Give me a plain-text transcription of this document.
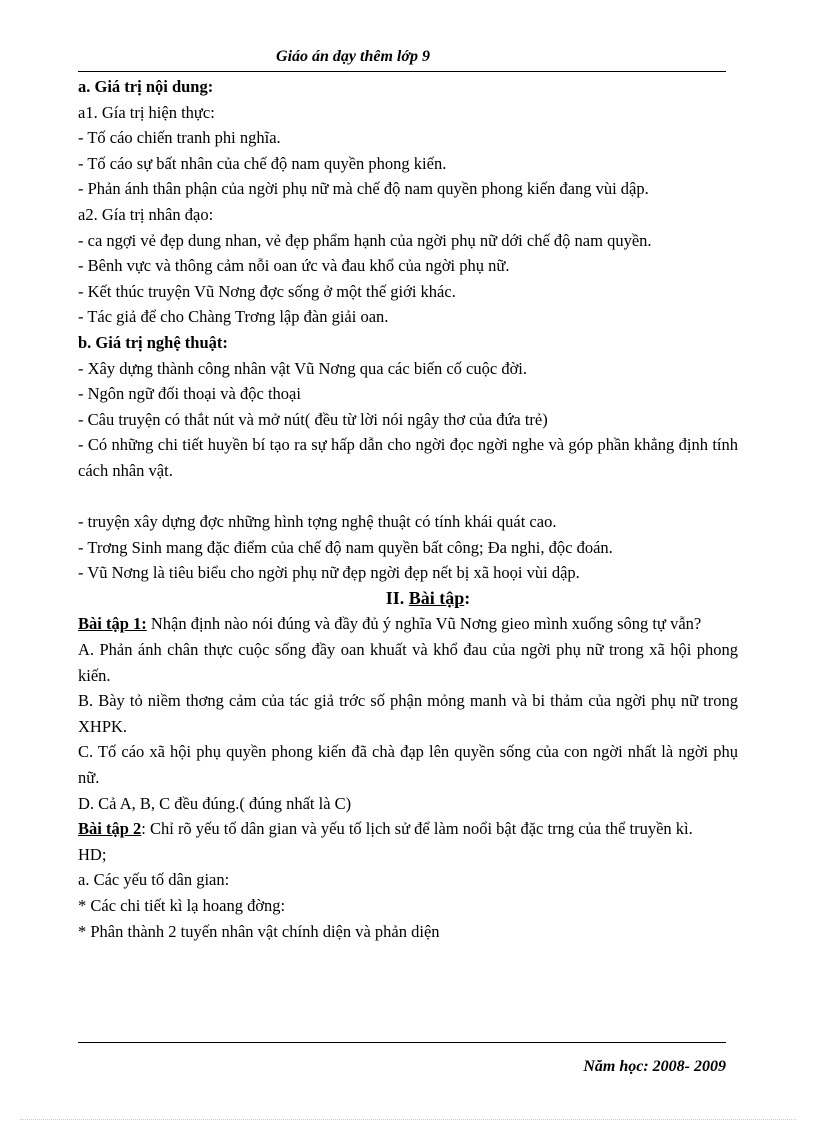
Giáo án dạy thêm lớp 9

a. Giá trị nội dung:

a1. Gía trị hiện thực:

- Tố cáo chiến tranh phi nghĩa.

- Tố cáo sự bất nhân của chế độ nam quyền phong kiến.

- Phản ánh thân phận của ngời phụ nữ mà chế độ nam quyền phong kiến đang vùi dập.

a2. Gía trị nhân đạo:

- ca ngợi vẻ đẹp dung nhan, vẻ đẹp phẩm hạnh của ngời phụ nữ dới chế độ nam quyền.

- Bênh vực và thông cảm nỗi oan ức và đau khổ của ngời phụ nữ.

- Kết thúc truyện Vũ Nơng đợc sống ở một thế giới khác.

- Tác giả để cho Chàng Trơng lập đàn giải oan.

b. Giá trị nghệ thuật:

- Xây dựng thành công nhân vật Vũ Nơng qua các biến cố cuộc đời.

- Ngôn ngữ đối thoại và độc thoại

- Câu truyện có thắt nút và mở nút( đều từ lời nói ngây thơ của đứa trẻ)

- Có những chi tiết huyền bí tạo ra sự hấp dẫn cho ngời đọc ngời nghe và góp phần khẳng định tính cách nhân vật.

- truyện xây dựng đợc những hình tợng nghệ thuật có tính khái quát cao.

- Trơng Sinh mang đặc điểm của chế độ nam quyền bất công; Đa nghi, độc đoán.

- Vũ Nơng là tiêu biểu cho ngời phụ nữ đẹp ngời đẹp nết bị xã hoọi vùi dập.

II. Bài tập:

Bài tập 1: Nhận định nào nói đúng và đầy đủ ý nghĩa Vũ Nơng gieo mình xuống sông tự vẫn?

A. Phản ánh chân thực cuộc sống đầy oan khuất và khổ đau của ngời phụ nữ trong xã hội phong kiến.

B. Bày tỏ niềm thơng cảm của tác giả trớc số phận mỏng manh và bi thảm của ngời phụ nữ trong XHPK.

C. Tố cáo xã hội phụ quyền phong kiến đã chà đạp lên quyền sống của con ngời nhất là ngời phụ nữ.

D. Cả A, B, C đều đúng.( đúng nhất là C)

Bài tập 2: Chỉ rõ yếu tố dân gian và yếu tố lịch sử để làm noổi bật đặc trng của thể truyền kì.

HD;

a. Các yếu tố dân gian:

* Các chi tiết kì lạ hoang đờng:

* Phân thành 2 tuyến nhân vật chính diện và phản diện

Năm học: 2008- 2009
